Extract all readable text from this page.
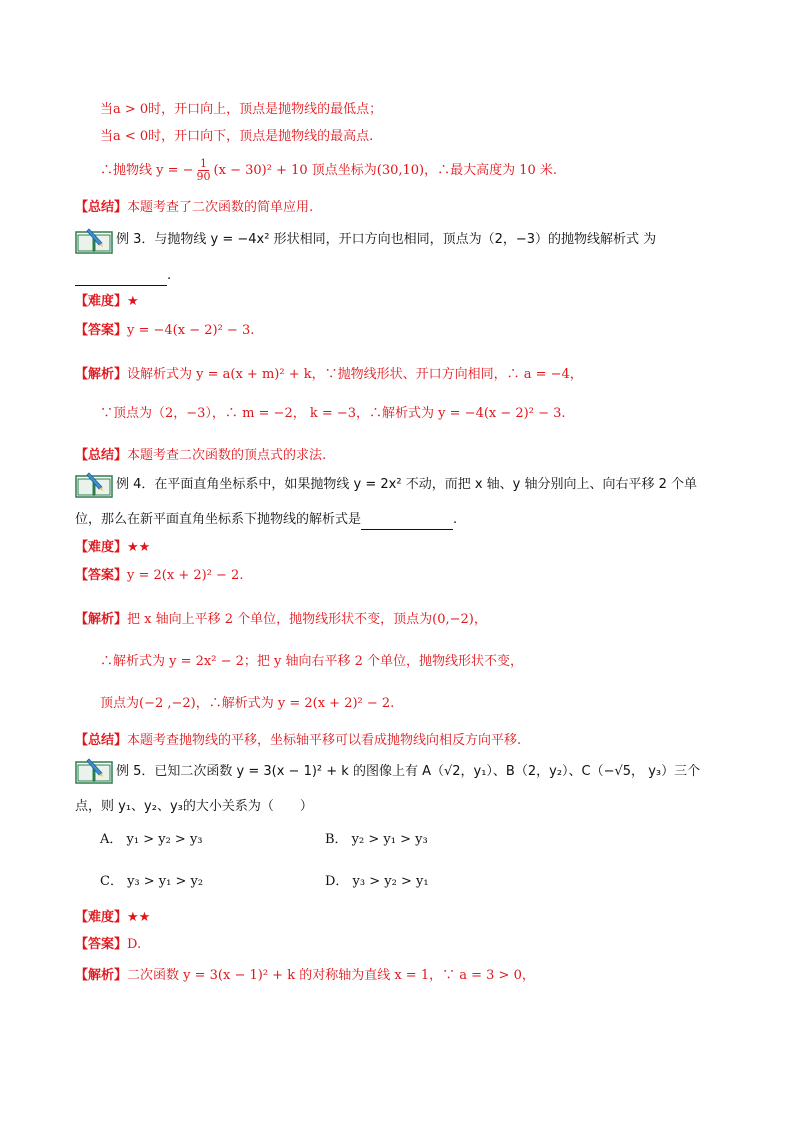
当a > 0时，开口向上，顶点是抛物线的最低点；
当a < 0时，开口向下，顶点是抛物线的最高点.
∴抛物线 y = − $\frac{1}{90} (x - 30)^2 + 10$ 顶点坐标为(30,10)，∴最大高度为 10 米.
【总结】本题考查了二次函数的简单应用.
例 3．与抛物线 y = −4x² 形状相同，开口方向也相同，顶点为（2，−3）的抛物线解析式 为
.
【难度】★
【答案】y = −4(x − 2)² − 3.
【解析】设解析式为 y = a(x + m)² + k，∵抛物线形状、开口方向相同，∴ a = −4，
∵顶点为（2，−3），∴ m = −2， k = −3，∴解析式为 y = −4(x − 2)² − 3.
【总结】本题考查二次函数的顶点式的求法.
例 4．在平面直角坐标系中，如果抛物线 y = 2x² 不动，而把 x 轴、y 轴分别向上、向右平移 2 个单
位，那么在新平面直角坐标系下抛物线的解析式是	.
【难度】★★
【答案】y = 2(x + 2)² − 2.
【解析】把 x 轴向上平移 2 个单位，抛物线形状不变，顶点为(0,−2)，
∴解析式为 y = 2x² − 2；把 y 轴向右平移 2 个单位，抛物线形状不变，
顶点为(−2 ,−2)，∴解析式为 y = 2(x + 2)² − 2.
【总结】本题考查抛物线的平移，坐标轴平移可以看成抛物线向相反方向平移.
例 5．已知二次函数 y = 3(x − 1)² + k 的图像上有 A（√2，y₁）、B（2，y₂）、C（−√5， y₃）三个
点，则 y₁、y₂、y₃的大小关系为（　　）
A． y₁ > y₂ > y₃	B． y₂ > y₁ > y₃
C． y₃ > y₁ > y₂	D． y₃ > y₂ > y₁
【难度】★★
【答案】D.
【解析】二次函数 y = 3(x − 1)² + k 的对称轴为直线 x = 1，∵ a = 3 > 0，
